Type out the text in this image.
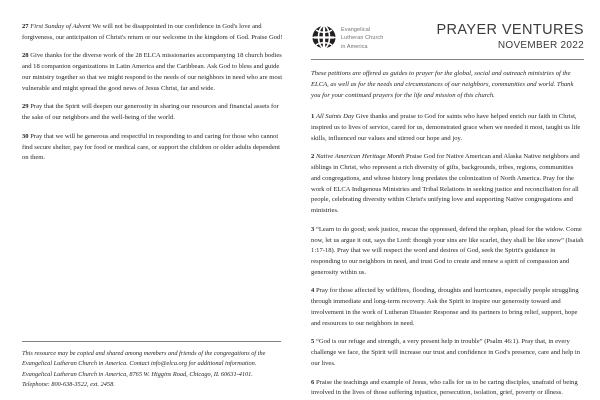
27 First Sunday of Advent We will not be disappointed in our confidence in God's love and forgiveness, our anticipation of Christ's return or our welcome in the kingdom of God. Praise God!
28 Give thanks for the diverse work of the 28 ELCA missionaries accompanying 18 church bodies and 18 companion organizations in Latin America and the Caribbean. Ask God to bless and guide our ministry together so that we might respond to the needs of our neighbors in need who are most vulnerable and might spread the good news of Jesus Christ, far and wide.
29 Pray that the Spirit will deepen our generosity in sharing our resources and financial assets for the sake of our neighbors and the well-being of the world.
30 Pray that we will be generous and respectful in responding to and caring for those who cannot find secure shelter, pay for food or medical care, or support the children or older adults dependent on them.

This resource may be copied and shared among members and friends of the congregations of the Evangelical Lutheran Church in America. Contact info@elca.org for additional information. Evangelical Lutheran Church in America, 8765 W. Higgins Road, Chicago, IL 60631-4101. Telephone: 800-638-3522, ext. 2458.

Evangelical
Lutheran Church
in America
PRAYER VENTURES
NOVEMBER 2022

These petitions are offered as guides to prayer for the global, social and outreach ministries of the ELCA, as well as for the needs and circumstances of our neighbors, communities and world. Thank you for your continued prayers for the life and mission of this church.

1 All Saints Day Give thanks and praise to God for saints who have helped enrich our faith in Christ, inspired us to lives of service, cared for us, demonstrated grace when we needed it most, taught us life skills, influenced our values and stirred our hope and joy.
2 Native American Heritage Month Praise God for Native American and Alaska Native neighbors and siblings in Christ, who represent a rich diversity of gifts, backgrounds, tribes, regions, communities and congregations, and whose history long predates the colonization of North America. Pray for the work of ELCA Indigenous Ministries and Tribal Relations in seeking justice and reconciliation for all people, celebrating diversity within Christ's unifying love and supporting Native congregations and ministries.
3 “Learn to do good; seek justice, rescue the oppressed, defend the orphan, plead for the widow. Come now, let us argue it out, says the Lord: though your sins are like scarlet, they shall be like snow” (Isaiah 1:17-18). Pray that we will respect the word and desires of God, seek the Spirit's guidance in responding to our neighbors in need, and trust God to create and renew a spirit of compassion and generosity within us.
4 Pray for those affected by wildfires, flooding, droughts and hurricanes, especially people struggling through immediate and long-term recovery. Ask the Spirit to inspire our generosity toward and involvement in the work of Lutheran Disaster Response and its partners to bring relief, support, hope and resources to our neighbors in need.
5 “God is our refuge and strength, a very present help in trouble” (Psalm 46:1). Pray that, in every challenge we face, the Spirit will increase our trust and confidence in God's presence, care and help in our lives.
6 Praise the teachings and example of Jesus, who calls for us to be caring disciples, unafraid of being involved in the lives of those suffering injustice, persecution, isolation, grief, poverty or illness.
